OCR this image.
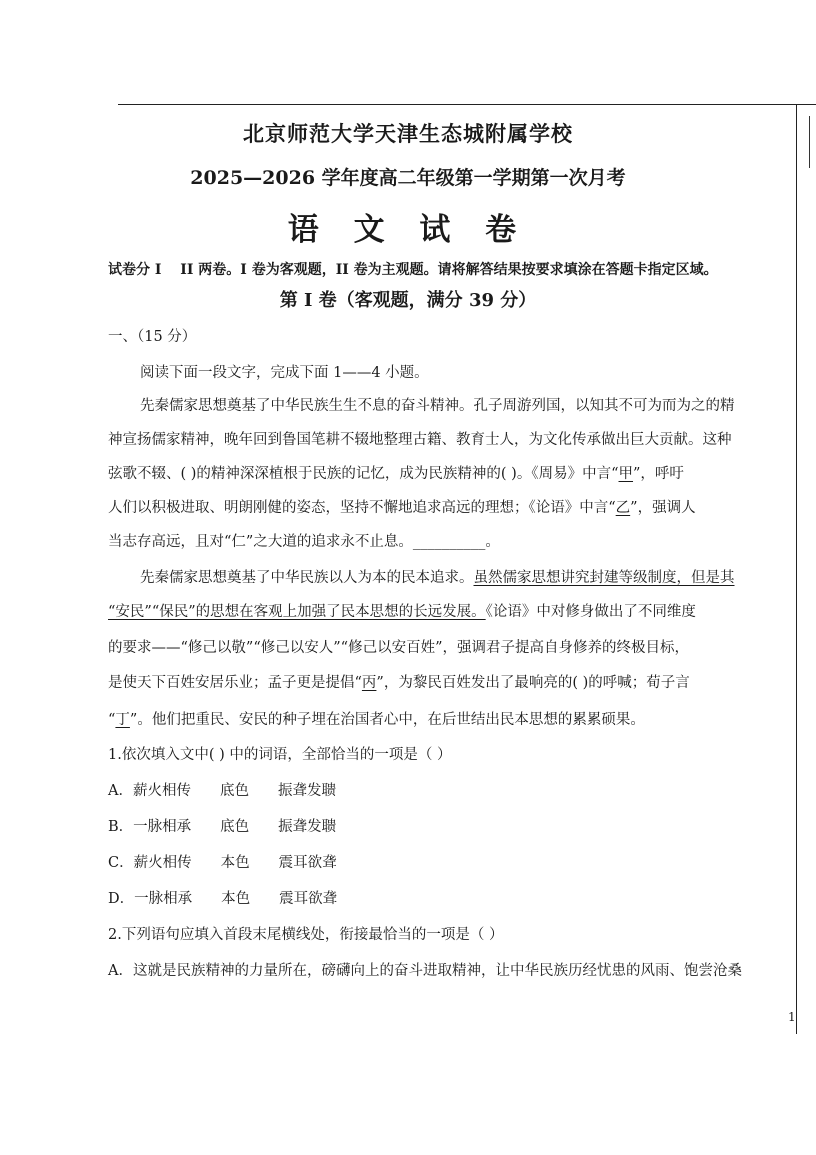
北京师范大学天津生态城附属学校
2025—2026 学年度高二年级第一学期第一次月考
语 文 试 卷
试卷分 I　 II 两卷。I 卷为客观题，II 卷为主观题。请将解答结果按要求填涂在答题卡指定区域。
第 I 卷（客观题，满分 39 分）
一、（15 分）
阅读下面一段文字，完成下面 1——4 小题。
先秦儒家思想奠基了中华民族生生不息的奋斗精神。孔子周游列国，以知其不可为而为之的精
神宣扬儒家精神，晚年回到鲁国笔耕不辍地整理古籍、教育士人，为文化传承做出巨大贡献。这种
弦歌不辍、( )的精神深深植根于民族的记忆，成为民族精神的( )。《周易》中言“甲”，呼吁
人们以积极进取、明朗刚健的姿态，坚持不懈地追求高远的理想；《论语》中言“乙”，强调人
当志存高远，且对“仁”之大道的追求永不止息。__________。
先秦儒家思想奠基了中华民族以人为本的民本追求。虽然儒家思想讲究封建等级制度，但是其
“安民”“保民”的思想在客观上加强了民本思想的长远发展。《论语》中对修身做出了不同维度
的要求——“修己以敬”“修己以安人”“修己以安百姓”，强调君子提高自身修养的终极目标，
是使天下百姓安居乐业；孟子更是提倡“丙”，为黎民百姓发出了最响亮的( )的呼喊；荀子言
“丁”。他们把重民、安民的种子埋在治国者心中，在后世结出民本思想的累累硕果。
1.依次填入文中( ) 中的词语，全部恰当的一项是（ ）
A．薪火相传　　底色　　振聋发聩
B．一脉相承　　底色　　振聋发聩
C．薪火相传　　本色　　震耳欲聋
D．一脉相承　　本色　　震耳欲聋
2.下列语句应填入首段末尾横线处，衔接最恰当的一项是（ ）
A．这就是民族精神的力量所在，磅礴向上的奋斗进取精神，让中华民族历经忧患的风雨、饱尝沧桑
1
